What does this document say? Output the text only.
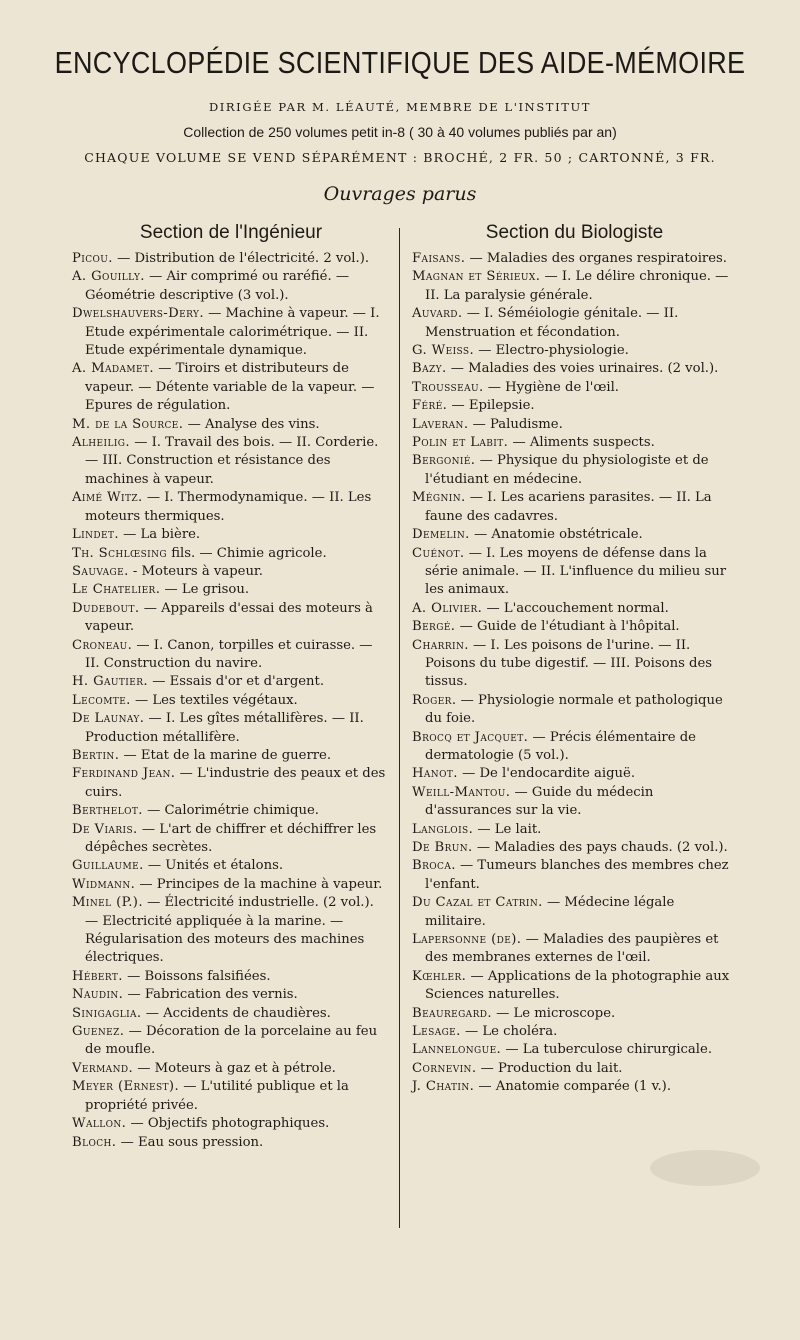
ENCYCLOPÉDIE SCIENTIFIQUE DES AIDE-MÉMOIRE
DIRIGÉE PAR M. LÉAUTÉ, MEMBRE DE L'INSTITUT
Collection de 250 volumes petit in-8 ( 30 à 40 volumes publiés par an)
CHAQUE VOLUME SE VEND SÉPARÉMENT : BROCHÉ, 2 FR. 50 ; CARTONNÉ, 3 FR.
Ouvrages parus
Section de l'Ingénieur

Picou. — Distribution de l'électricité. 2 vol.).

A. Gouilly. — Air comprimé ou raréfié. — Géométrie descriptive (3 vol.).

Dwelshauvers-Dery. — Machine à vapeur. — I. Etude expérimentale calorimétrique. — II. Etude expérimentale dynamique.

A. Madamet. — Tiroirs et distributeurs de vapeur. — Détente variable de la vapeur. — Epures de régulation.

M. de la Source. — Analyse des vins.

Alheilig. — I. Travail des bois. — II. Corderie. — III. Construction et résistance des machines à vapeur.

Aimé Witz. — I. Thermodynamique. — II. Les moteurs thermiques.

Lindet. — La bière.

Th. Schlœsing fils. — Chimie agricole.

Sauvage. - Moteurs à vapeur.

Le Chatelier. — Le grisou.

Dudebout. — Appareils d'essai des moteurs à vapeur.

Croneau. — I. Canon, torpilles et cuirasse. — II. Construction du navire.

H. Gautier. — Essais d'or et d'argent.

Lecomte. — Les textiles végétaux.

De Launay. — I. Les gîtes métallifères. — II. Production métallifère.

Bertin. — Etat de la marine de guerre.

Ferdinand Jean. — L'industrie des peaux et des cuirs.

Berthelot. — Calorimétrie chimique.

De Viaris. — L'art de chiffrer et déchiffrer les dépêches secrètes.

Guillaume. — Unités et étalons.

Widmann. — Principes de la machine à vapeur.

Minel (P.). — Électricité industrielle. (2 vol.). — Electricité appliquée à la marine. — Régularisation des moteurs des machines électriques.

Hébert. — Boissons falsifiées.

Naudin. — Fabrication des vernis.

Sinigaglia. — Accidents de chaudières.

Guenez. — Décoration de la porcelaine au feu de moufle.

Vermand. — Moteurs à gaz et à pétrole.

Meyer (Ernest). — L'utilité publique et la propriété privée.

Wallon. — Objectifs photographiques.

Bloch. — Eau sous pression.

Section du Biologiste

Faisans. — Maladies des organes respiratoires.

Magnan et Sérieux. — I. Le délire chronique. — II. La paralysie générale.

Auvard. — I. Séméiologie génitale. — II. Menstruation et fécondation.

G. Weiss. — Electro-physiologie.

Bazy. — Maladies des voies urinaires. (2 vol.).

Trousseau. — Hygiène de l'œil.

Féré. — Epilepsie.

Laveran. — Paludisme.

Polin et Labit. — Aliments suspects.

Bergonié. — Physique du physiologiste et de l'étudiant en médecine.

Mégnin. — I. Les acariens parasites. — II. La faune des cadavres.

Demelin. — Anatomie obstétricale.

Cuénot. — I. Les moyens de défense dans la série animale. — II. L'influence du milieu sur les animaux.

A. Olivier. — L'accouchement normal.

Bergé. — Guide de l'étudiant à l'hôpital.

Charrin. — I. Les poisons de l'urine. — II. Poisons du tube digestif. — III. Poisons des tissus.

Roger. — Physiologie normale et pathologique du foie.

Brocq et Jacquet. — Précis élémentaire de dermatologie (5 vol.).

Hanot. — De l'endocardite aiguë.

Weill-Mantou. — Guide du médecin d'assurances sur la vie.

Langlois. — Le lait.

De Brun. — Maladies des pays chauds. (2 vol.).

Broca. — Tumeurs blanches des membres chez l'enfant.

Du Cazal et Catrin. — Médecine légale militaire.

Lapersonne (de). — Maladies des paupières et des membranes externes de l'œil.

Kœhler. — Applications de la photographie aux Sciences naturelles.

Beauregard. — Le microscope.

Lesage. — Le choléra.

Lannelongue. — La tuberculose chirurgicale.

Cornevin. — Production du lait.

J. Chatin. — Anatomie comparée (1 v.).
